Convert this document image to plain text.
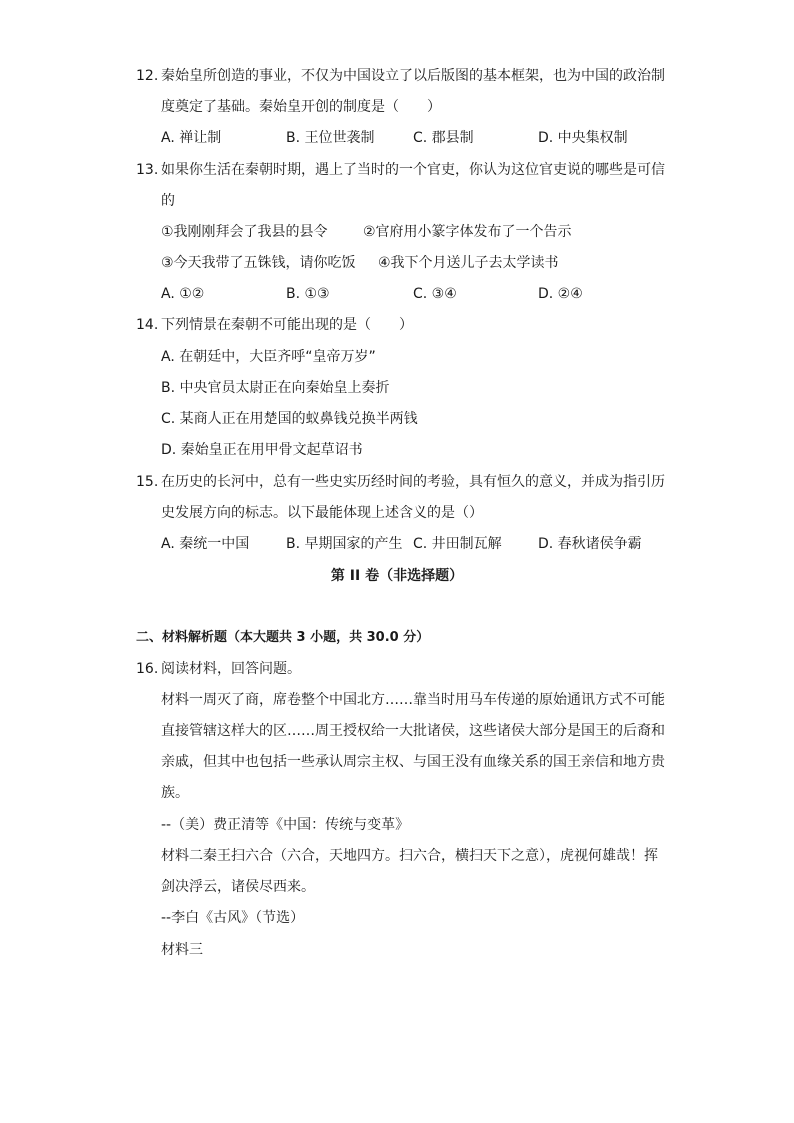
12. 秦始皇所创造的事业，不仅为中国设立了以后版图的基本框架，也为中国的政治制
度奠定了基础。秦始皇开创的制度是（　　）
A. 禅让制	B. 王位世袭制	C. 郡县制	D. 中央集权制
13. 如果你生活在秦朝时期，遇上了当时的一个官吏，你认为这位官吏说的哪些是可信
的
①我刚刚拜会了我县的县令	②官府用小篆字体发布了一个告示
③今天我带了五铢钱，请你吃饭 ④我下个月送儿子去太学读书
A. ①②	B. ①③	C. ③④	D. ②④
14. 下列情景在秦朝不可能出现的是（　　）
A. 在朝廷中，大臣齐呼“皇帝万岁”
B. 中央官员太尉正在向秦始皇上奏折
C. 某商人正在用楚国的蚁鼻钱兑换半两钱
D. 秦始皇正在用甲骨文起草诏书
15. 在历史的长河中，总有一些史实历经时间的考验，具有恒久的意义，并成为指引历
史发展方向的标志。以下最能体现上述含义的是（）
A. 秦统一中国	B. 早期国家的产生 C. 井田制瓦解	D. 春秋诸侯争霸
第 II 卷（非选择题）
二、材料解析题（本大题共 3 小题，共 30.0 分）
16. 阅读材料，回答问题。
材料一周灭了商，席卷整个中国北方……靠当时用马车传递的原始通讯方式不可能
直接管辖这样大的区……周王授权给一大批诸侯，这些诸侯大部分是国王的后裔和
亲戚，但其中也包括一些承认周宗主权、与国王没有血缘关系的国王亲信和地方贵
族。
--（美）费正清等《中国：传统与变革》
材料二秦王扫六合（六合，天地四方。扫六合，横扫天下之意），虎视何雄哉！挥
剑决浮云，诸侯尽西来。
--李白《古风》（节选）
材料三
